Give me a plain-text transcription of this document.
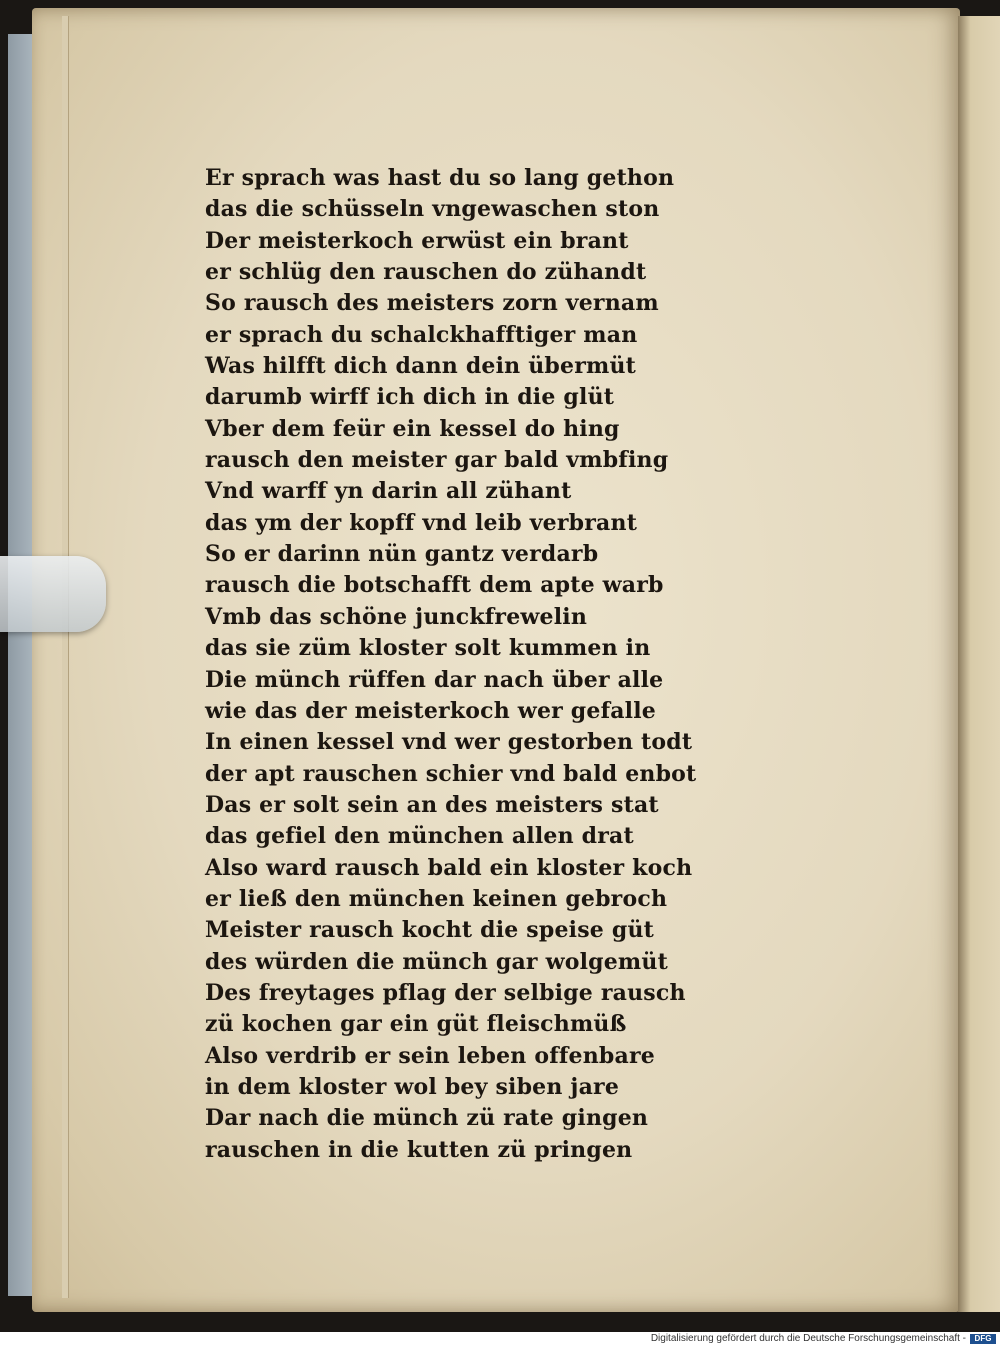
Er sprach was hast du so lang gethon
das die schüsseln vngewaschen ston
Der meisterkoch erwüst ein brant
er schlüg den rauschen do zühandt
So rausch des meisters zorn vernam
er sprach du schalckhafftiger man
Was hilfft dich dann dein übermüt
darumb wirff ich dich in die glüt
Vber dem feür ein kessel do hing
rausch den meister gar bald vmbfing
Vnd warff yn darin all zühant
das ym der kopff vnd leib verbrant
So er darinn nün gantz verdarb
rausch die botschafft dem apte warb
Vmb das schöne junckfrewelin
das sie züm kloster solt kummen in
Die münch rüffen dar nach über alle
wie das der meisterkoch wer gefalle
In einen kessel vnd wer gestorben todt
der apt rauschen schier vnd bald enbot
Das er solt sein an des meisters stat
das gefiel den münchen allen drat
Also ward rausch bald ein kloster koch
er ließ den münchen keinen gebroch
Meister rausch kocht die speise güt
des würden die münch gar wolgemüt
Des freytages pflag der selbige rausch
zü kochen gar ein güt fleischmüß
Also verdrib er sein leben offenbare
in dem kloster wol bey siben jare
Dar nach die münch zü rate gingen
rauschen in die kutten zü pringen
Digitalisierung gefördert durch die Deutsche Forschungsgemeinschaft -	DFG
